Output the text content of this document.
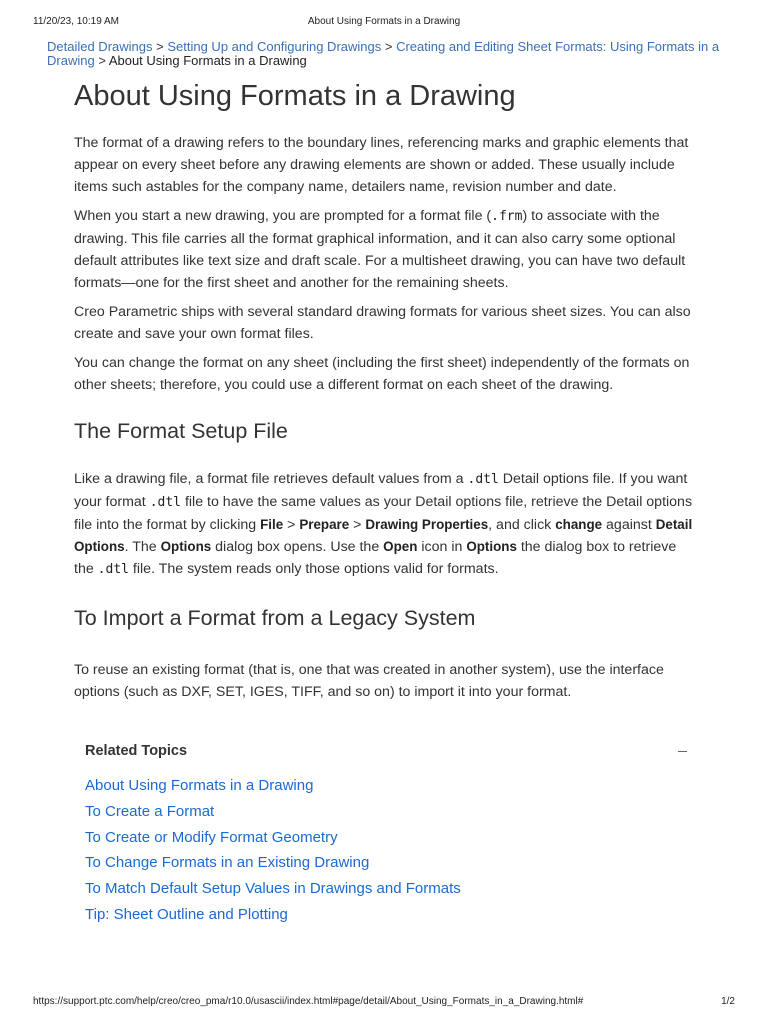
11/20/23, 10:19 AM	About Using Formats in a Drawing
Detailed Drawings > Setting Up and Configuring Drawings > Creating and Editing Sheet Formats: Using Formats in a Drawing > About Using Formats in a Drawing
About Using Formats in a Drawing

The format of a drawing refers to the boundary lines, referencing marks and graphic elements that appear on every sheet before any drawing elements are shown or added. These usually include items such astables for the company name, detailers name, revision number and date.

When you start a new drawing, you are prompted for a format file (.frm) to associate with the drawing. This file carries all the format graphical information, and it can also carry some optional default attributes like text size and draft scale. For a multisheet drawing, you can have two default formats—one for the first sheet and another for the remaining sheets.

Creo Parametric ships with several standard drawing formats for various sheet sizes. You can also create and save your own format files.

You can change the format on any sheet (including the first sheet) independently of the formats on other sheets; therefore, you could use a different format on each sheet of the drawing.

The Format Setup File

Like a drawing file, a format file retrieves default values from a .dtl Detail options file. If you want your format .dtl file to have the same values as your Detail options file, retrieve the Detail options file into the format by clicking File > Prepare > Drawing Properties, and click change against Detail Options. The Options dialog box opens. Use the Open icon in Options the dialog box to retrieve the .dtl file. The system reads only those options valid for formats.

To Import a Format from a Legacy System

To reuse an existing format (that is, one that was created in another system), use the interface options (such as DXF, SET, IGES, TIFF, and so on) to import it into your format.

Related Topics
About Using Formats in a Drawing
To Create a Format
To Create or Modify Format Geometry
To Change Formats in an Existing Drawing
To Match Default Setup Values in Drawings and Formats
Tip: Sheet Outline and Plotting
https://support.ptc.com/help/creo/creo_pma/r10.0/usascii/index.html#page/detail/About_Using_Formats_in_a_Drawing.html#	1/2
